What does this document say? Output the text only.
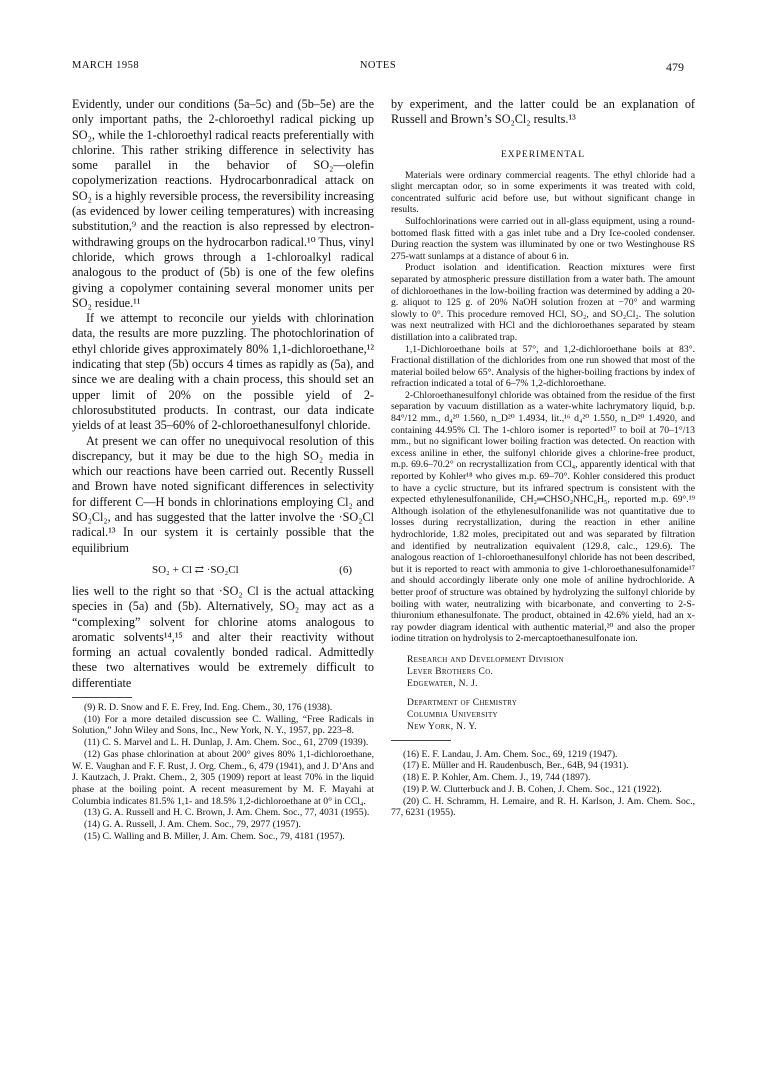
MARCH 1958	NOTES	479

Evidently, under our conditions (5a–5c) and (5b–5e) are the only important paths, the 2-chloroethyl radical picking up SO₂, while the 1-chloroethyl radical reacts preferentially with chlorine. This rather striking difference in selectivity has some parallel in the behavior of SO₂—olefin copolymerization reactions. Hydrocarbonradical attack on SO₂ is a highly reversible process, the reversibility increasing (as evidenced by lower ceiling temperatures) with increasing substitution,⁹ and the reaction is also repressed by electron-withdrawing groups on the hydrocarbon radical.¹⁰ Thus, vinyl chloride, which grows through a 1-chloroalkyl radical analogous to the product of (5b) is one of the few olefins giving a copolymer containing several monomer units per SO₂ residue.¹¹

If we attempt to reconcile our yields with chlorination data, the results are more puzzling. The photochlorination of ethyl chloride gives approximately 80% 1,1-dichloroethane,¹² indicating that step (5b) occurs 4 times as rapidly as (5a), and since we are dealing with a chain process, this should set an upper limit of 20% on the possible yield of 2-chlorosubstituted products. In contrast, our data indicate yields of at least 35–60% of 2-chloroethanesulfonyl chloride.

At present we can offer no unequivocal resolution of this discrepancy, but it may be due to the high SO₂ media in which our reactions have been carried out. Recently Russell and Brown have noted significant differences in selectivity for different C—H bonds in chlorinations employing Cl₂ and SO₂Cl₂, and has suggested that the latter involve the ·SO₂Cl radical.¹³ In our system it is certainly possible that the equilibrium

SO₂ + Cl ⇄ ·SO₂Cl	(6)

lies well to the right so that ·SO₂ Cl is the actual attacking species in (5a) and (5b). Alternatively, SO₂ may act as a “complexing” solvent for chlorine atoms analogous to aromatic solvents¹⁴,¹⁵ and alter their reactivity without forming an actual covalently bonded radical. Admittedly these two alternatives would be extremely difficult to differentiate

(9) R. D. Snow and F. E. Frey, Ind. Eng. Chem., 30, 176 (1938).

(10) For a more detailed discussion see C. Walling, “Free Radicals in Solution,” John Wiley and Sons, Inc., New York, N. Y., 1957, pp. 223–8.

(11) C. S. Marvel and L. H. Dunlap, J. Am. Chem. Soc., 61, 2709 (1939).

(12) Gas phase chlorination at about 200° gives 80% 1,1-dichloroethane, W. E. Vaughan and F. F. Rust, J. Org. Chem., 6, 479 (1941), and J. D’Ans and J. Kautzach, J. Prakt. Chem., 2, 305 (1909) report at least 70% in the liquid phase at the boiling point. A recent measurement by M. F. Mayahi at Columbia indicates 81.5% 1,1- and 18.5% 1,2-dichloroethane at 0° in CCl₄.

(13) G. A. Russell and H. C. Brown, J. Am. Chem. Soc., 77, 4031 (1955).

(14) G. A. Russell, J. Am. Chem. Soc., 79, 2977 (1957).

(15) C. Walling and B. Miller, J. Am. Chem. Soc., 79, 4181 (1957).

by experiment, and the latter could be an explanation of Russell and Brown’s SO₂Cl₂ results.¹³

EXPERIMENTAL

Materials were ordinary commercial reagents. The ethyl chloride had a slight mercaptan odor, so in some experiments it was treated with cold, concentrated sulfuric acid before use, but without significant change in results.

Sulfochlorinations were carried out in all-glass equipment, using a round-bottomed flask fitted with a gas inlet tube and a Dry Ice-cooled condenser. During reaction the system was illuminated by one or two Westinghouse RS 275-watt sunlamps at a distance of about 6 in.

Product isolation and identification. Reaction mixtures were first separated by atmospheric pressure distillation from a water bath. The amount of dichloroethanes in the low-boiling fraction was determined by adding a 20-g. aliquot to 125 g. of 20% NaOH solution frozen at −70° and warming slowly to 0°. This procedure removed HCl, SO₂, and SO₂Cl₂. The solution was next neutralized with HCl and the dichloroethanes separated by steam distillation into a calibrated trap.

1,1-Dichloroethane boils at 57°, and 1,2-dichloroethane boils at 83°. Fractional distillation of the dichlorides from one run showed that most of the material boiled below 65°. Analysis of the higher-boiling fractions by index of refraction indicated a total of 6–7% 1,2-dichloroethane.

2-Chloroethanesulfonyl chloride was obtained from the residue of the first separation by vacuum distillation as a water-white lachrymatory liquid, b.p. 84°/12 mm., d₄²⁰ 1.560, n_D²⁰ 1.4934, lit.,¹⁶ d₄²⁰ 1.550, n_D²⁰ 1.4920, and containing 44.95% Cl. The 1-chloro isomer is reported¹⁷ to boil at 70–1°/13 mm., but no significant lower boiling fraction was detected. On reaction with excess aniline in ether, the sulfonyl chloride gives a chlorine-free product, m.p. 69.6–70.2° on recrystallization from CCl₄, apparently identical with that reported by Kohler¹⁸ who gives m.p. 69–70°. Kohler considered this product to have a cyclic structure, but its infrared spectrum is consistent with the expected ethylenesulfonanilide, CH₂═CHSO₂NHC₆H₅, reported m.p. 69°.¹⁹ Although isolation of the ethylenesulfonanilide was not quantitative due to losses during recrystallization, during the reaction in ether aniline hydrochloride, 1.82 moles, precipitated out and was separated by filtration and identified by neutralization equivalent (129.8, calc., 129.6). The analogous reaction of 1-chloroethanesulfonyl chloride has not been described, but it is reported to react with ammonia to give 1-chloroethanesulfonamide¹⁷ and should accordingly liberate only one mole of aniline hydrochloride. A better proof of structure was obtained by hydrolyzing the sulfonyl chloride by boiling with water, neutralizing with bicarbonate, and converting to 2-S-thiuronium ethanesulfonate. The product, obtained in 42.6% yield, had an x-ray powder diagram identical with authentic material,²⁰ and also the proper iodine titration on hydrolysis to 2-mercaptoethanesulfonate ion.

Research and Development Division
Lever Brothers Co.
Edgewater, N. J.
Department of Chemistry
Columbia University
New York, N. Y.

(16) E. F. Landau, J. Am. Chem. Soc., 69, 1219 (1947).

(17) E. Müller and H. Raudenbusch, Ber., 64B, 94 (1931).

(18) E. P. Kohler, Am. Chem. J., 19, 744 (1897).

(19) P. W. Clutterbuck and J. B. Cohen, J. Chem. Soc., 121 (1922).

(20) C. H. Schramm, H. Lemaire, and R. H. Karlson, J. Am. Chem. Soc., 77, 6231 (1955).
